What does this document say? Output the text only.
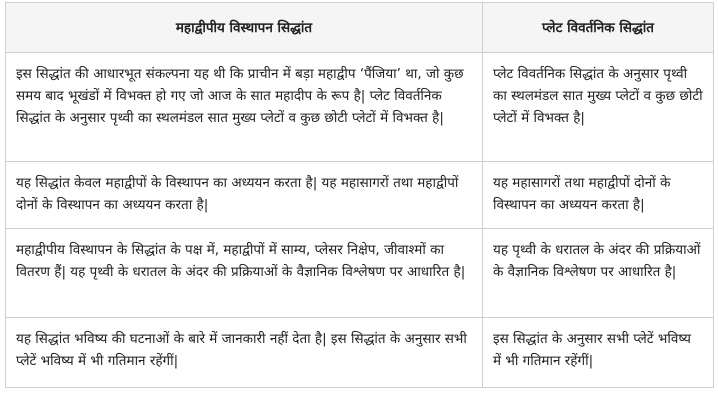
महाद्वीपीय विस्थापन सिद्धांत	प्लेट विवर्तनिक सिद्धांत
इस सिद्धांत की आधारभूत संकल्पना यह थी कि प्राचीन में बड़ा महाद्वीप ‘पैंजिया’ था, जो कुछ समय बाद भूखंडों में विभक्त हो गए जो आज के सात महादीप के रूप है| प्लेट विवर्तनिक सिद्धांत के अनुसार पृथ्वी का स्थलमंडल सात मुख्य प्लेटों व कुछ छोटी प्लेटों में विभक्त है|	प्लेट विवर्तनिक सिद्धांत के अनुसार पृथ्वी का स्थलमंडल सात मुख्य प्लेटों व कुछ छोटी प्लेटों में विभक्त है|
यह सिद्धांत केवल महाद्वीपों के विस्थापन का अध्ययन करता है| यह महासागरों तथा महाद्वीपों दोनों के विस्थापन का अध्ययन करता है|	यह महासागरों तथा महाद्वीपों दोनों के विस्थापन का अध्ययन करता है|
महाद्वीपीय विस्थापन के सिद्धांत के पक्ष में, महाद्वीपों में साम्य, प्लेसर निक्षेप, जीवाश्मों का वितरण हैं| यह पृथ्वी के धरातल के अंदर की प्रक्रियाओं के वैज्ञानिक विश्लेषण पर आधारित है|	यह पृथ्वी के धरातल के अंदर की प्रक्रियाओं के वैज्ञानिक विश्लेषण पर आधारित है|
यह सिद्धांत भविष्य की घटनाओं के बारे में जानकारी नहीं देता है| इस सिद्धांत के अनुसार सभी प्लेटें भविष्य में भी गतिमान रहेंगीं|	इस सिद्धांत के अनुसार सभी प्लेटें भविष्य में भी गतिमान रहेंगीं|
